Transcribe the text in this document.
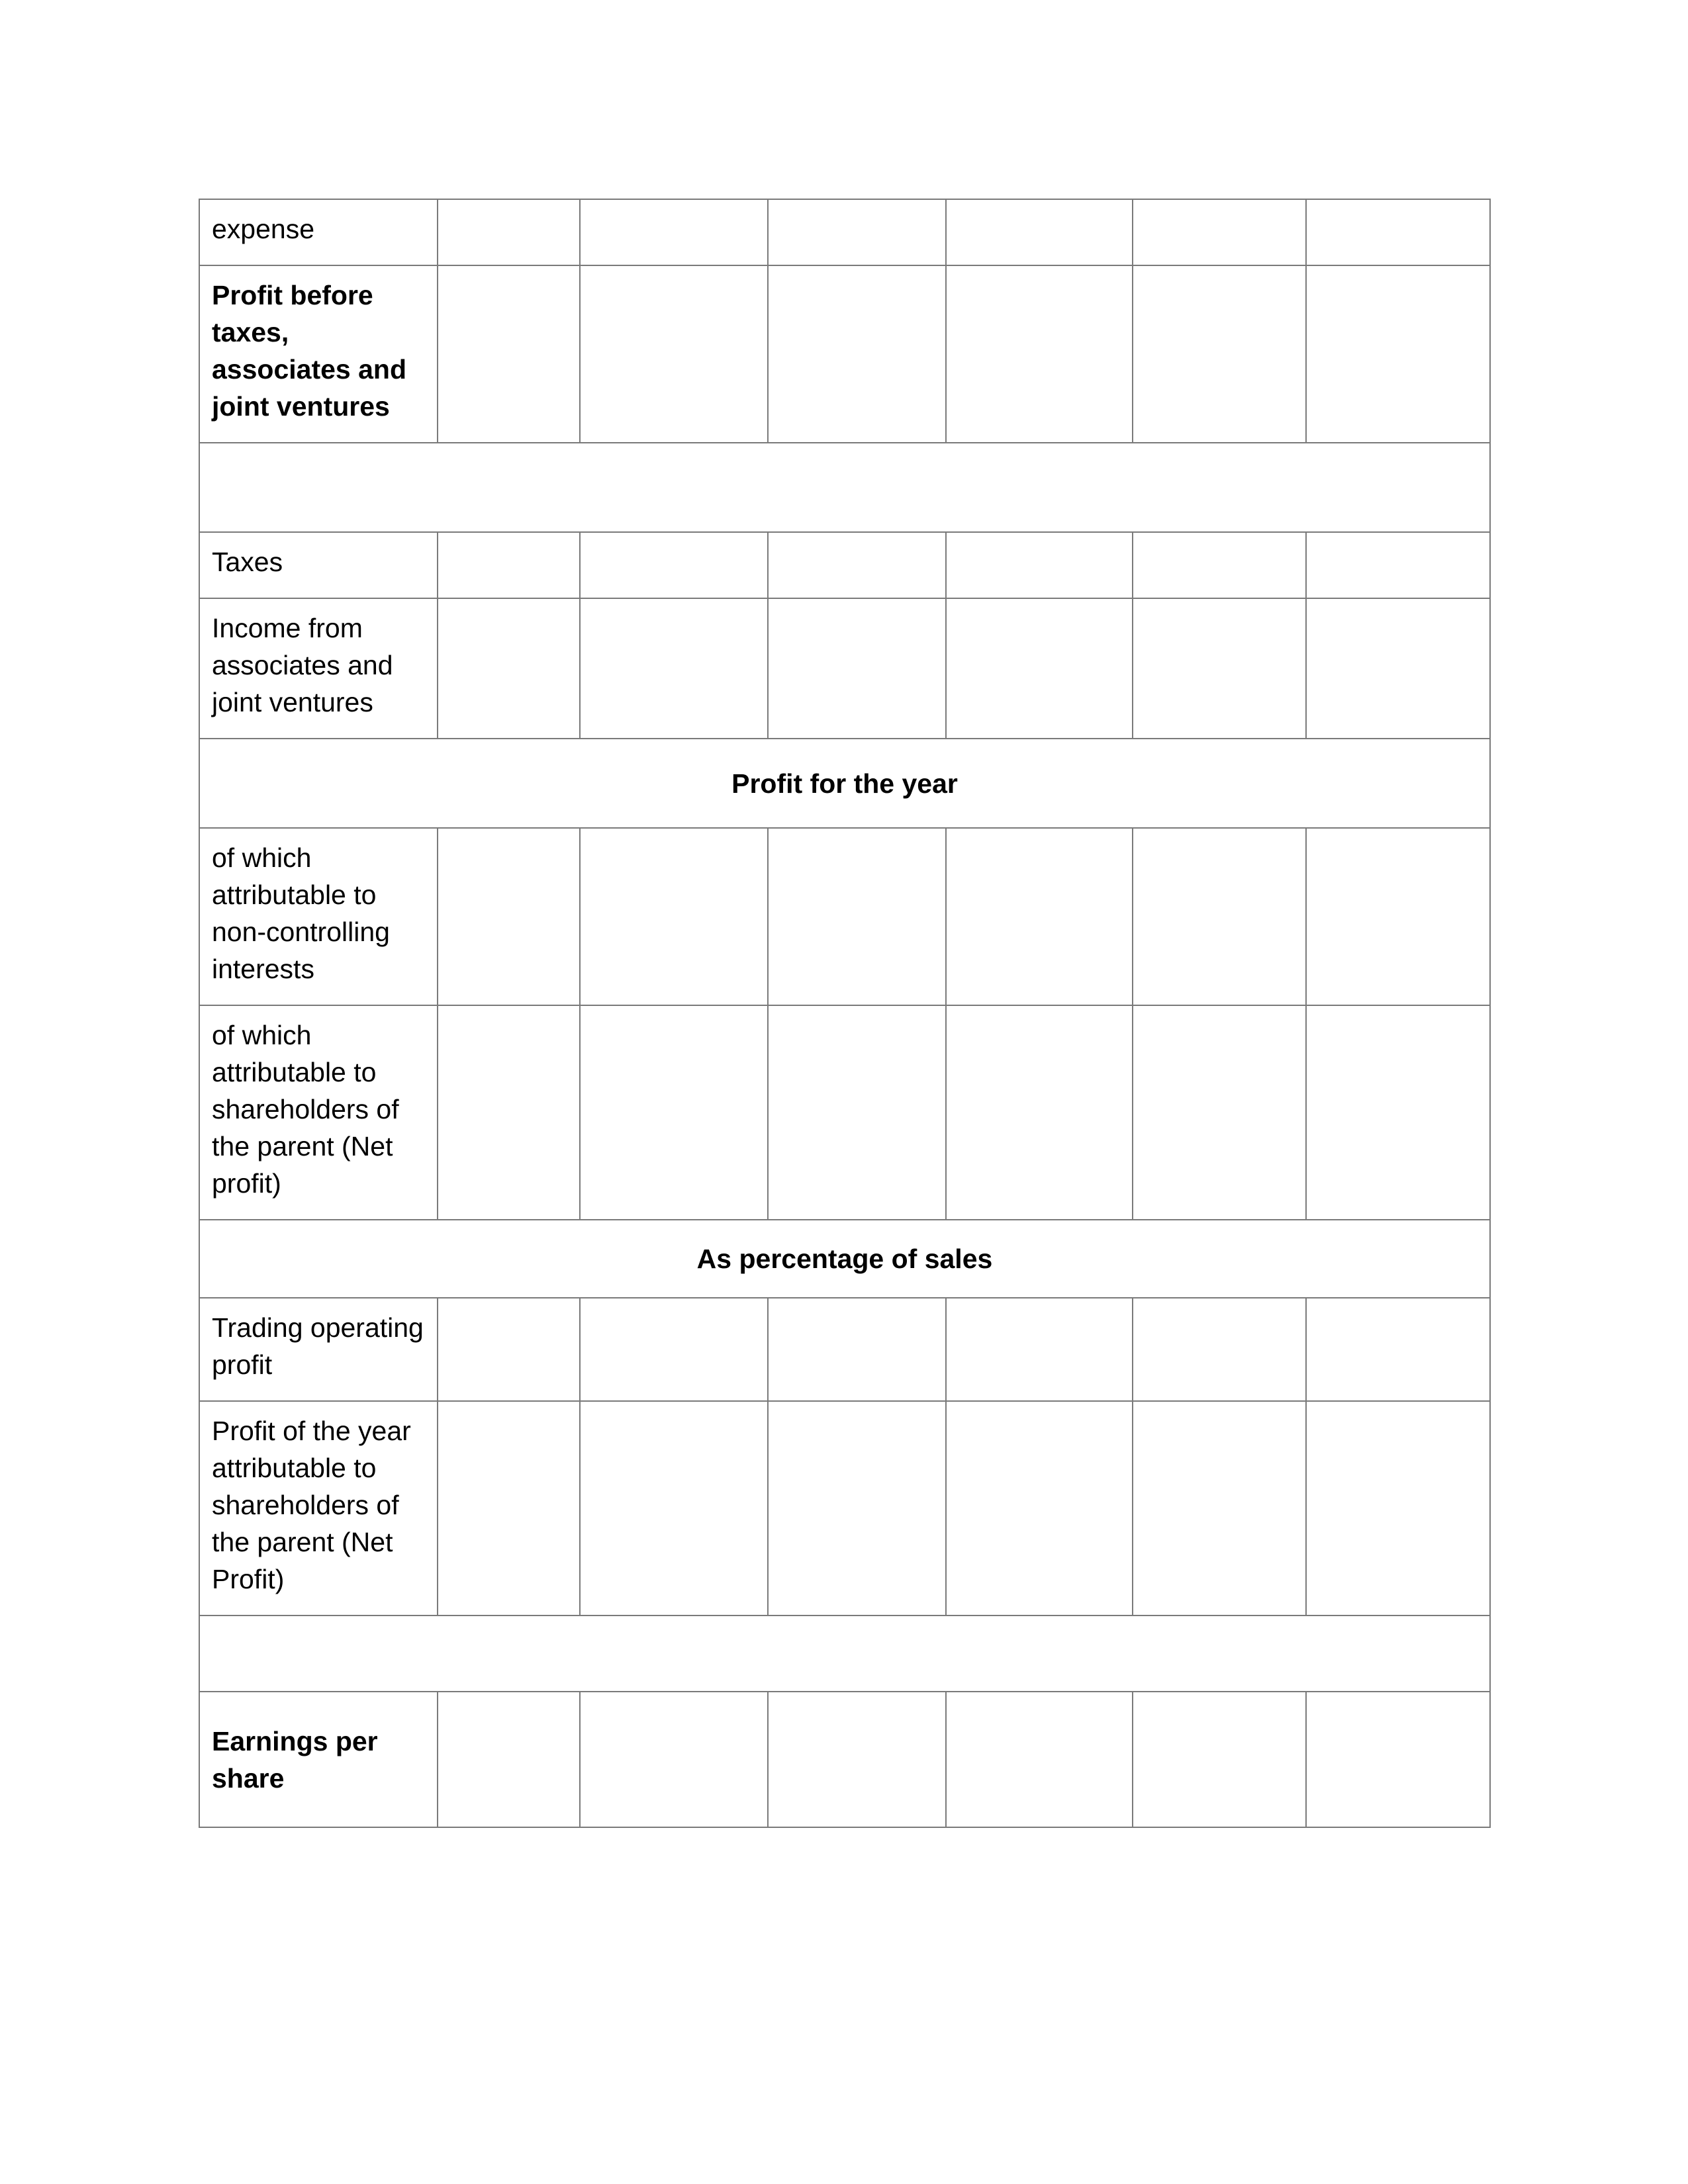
expense						
Profit before taxes, associates and joint ventures						

Taxes						
Income from associates and joint ventures						
Profit for the year						
of which attributable to non-controlling interests						
of which attributable to shareholders of the parent (Net profit)						
As percentage of sales						
Trading operating profit						
Profit of the year attributable to shareholders of the parent (Net Profit)						

Earnings per share						
